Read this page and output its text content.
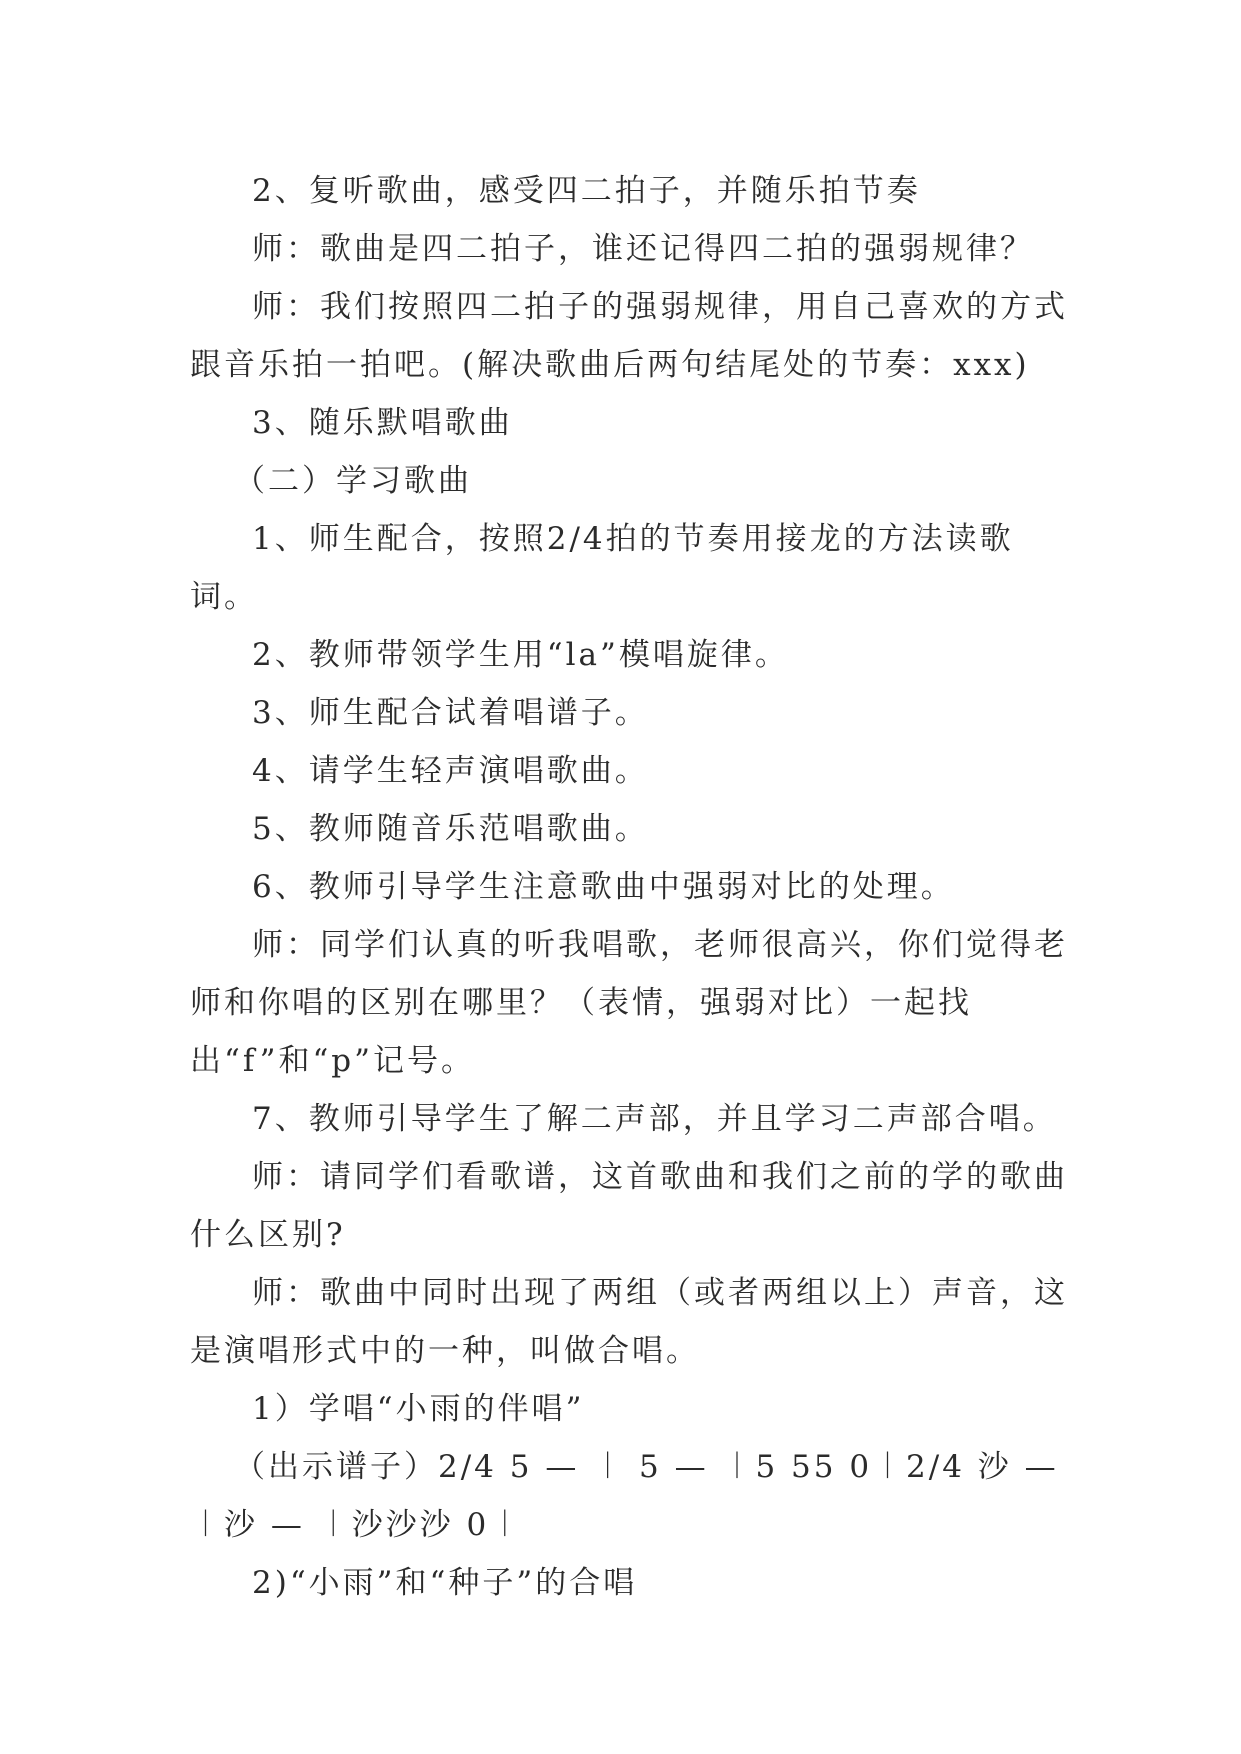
2、复听歌曲，感受四二拍子，并随乐拍节奏

师：歌曲是四二拍子，谁还记得四二拍的强弱规律？

师：我们按照四二拍子的强弱规律，用自己喜欢的方式跟音乐拍一拍吧。(解决歌曲后两句结尾处的节奏：xxx)

3、随乐默唱歌曲

（二）学习歌曲

1、师生配合，按照2/4拍的节奏用接龙的方法读歌词。

2、教师带领学生用“la”模唱旋律。

3、师生配合试着唱谱子。

4、请学生轻声演唱歌曲。

5、教师随音乐范唱歌曲。

6、教师引导学生注意歌曲中强弱对比的处理。

师：同学们认真的听我唱歌，老师很高兴，你们觉得老师和你唱的区别在哪里？（表情，强弱对比）一起找出“f”和“p”记号。

7、教师引导学生了解二声部，并且学习二声部合唱。

师：请同学们看歌谱，这首歌曲和我们之前的学的歌曲什么区别?

师：歌曲中同时出现了两组（或者两组以上）声音，这是演唱形式中的一种，叫做合唱。

1）学唱“小雨的伴唱”

（出示谱子）2/4 5 — ︱ 5 — ︱5 55 0︱2/4 沙 — ︱沙 — ︱沙沙沙 0︱

2)“小雨”和“种子”的合唱
